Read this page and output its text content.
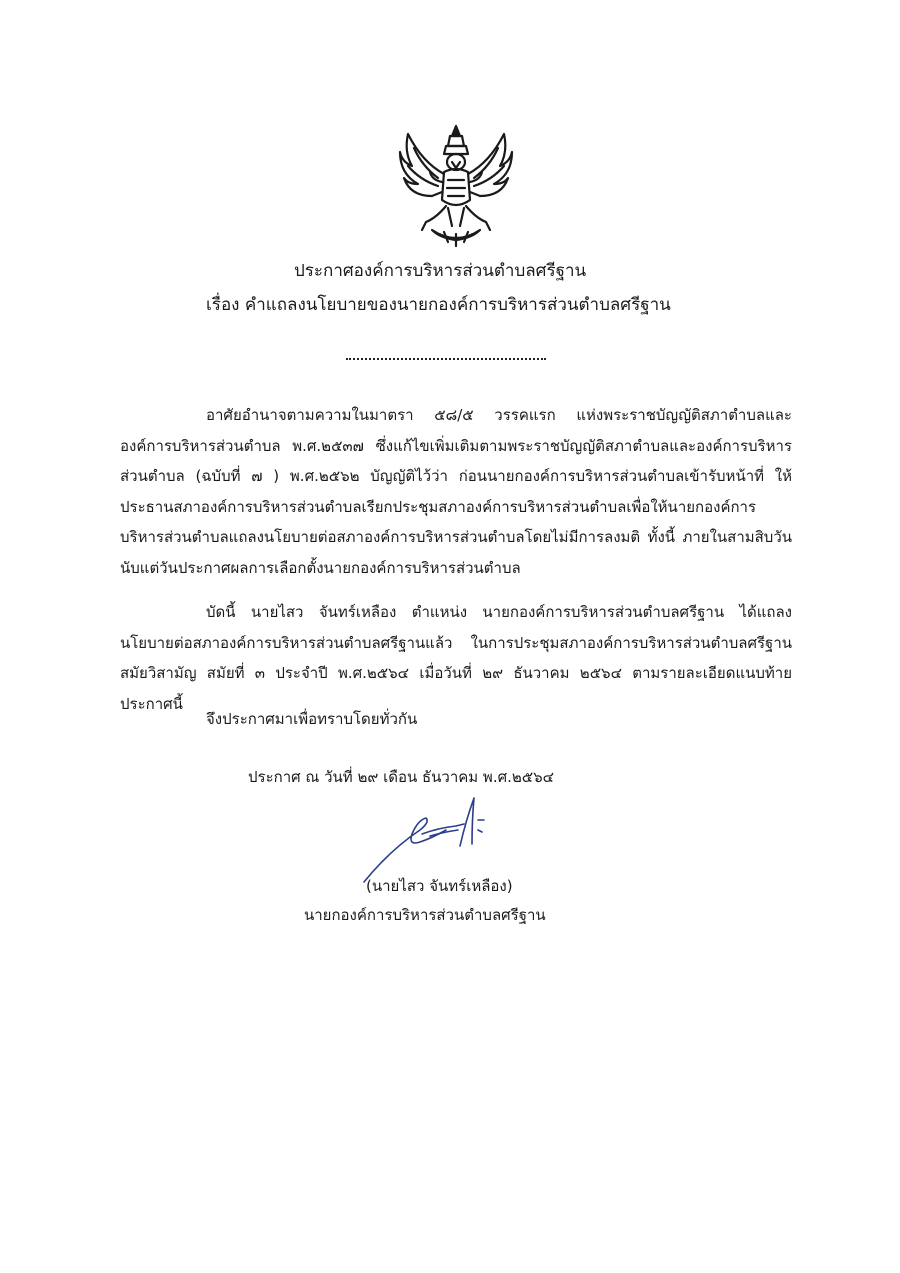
ประกาศองค์การบริหารส่วนตำบลศรีฐาน
เรื่อง คำแถลงนโยบายของนายกองค์การบริหารส่วนตำบลศรีฐาน
อาศัยอำนาจตามความในมาตรา ๕๘/๕ วรรคแรก แห่งพระราชบัญญัติสภาตำบลและองค์การบริหารส่วนตำบล พ.ศ.๒๕๓๗ ซึ่งแก้ไขเพิ่มเติมตามพระราชบัญญัติสภาตำบลและองค์การบริหารส่วนตำบล (ฉบับที่ ๗ ) พ.ศ.๒๕๖๒ บัญญัติไว้ว่า ก่อนนายกองค์การบริหารส่วนตำบลเข้ารับหน้าที่ ให้ประธานสภาองค์การบริหารส่วนตำบลเรียกประชุมสภาองค์การบริหารส่วนตำบลเพื่อให้นายกองค์การบริหารส่วนตำบลแถลงนโยบายต่อสภาองค์การบริหารส่วนตำบลโดยไม่มีการลงมติ ทั้งนี้ ภายในสามสิบวันนับแต่วันประกาศผลการเลือกตั้งนายกองค์การบริหารส่วนตำบล
บัดนี้ นายไสว จันทร์เหลือง ตำแหน่ง นายกองค์การบริหารส่วนตำบลศรีฐาน ได้แถลงนโยบายต่อสภาองค์การบริหารส่วนตำบลศรีฐานแล้ว ในการประชุมสภาองค์การบริหารส่วนตำบลศรีฐาน สมัยวิสามัญ สมัยที่ ๓ ประจำปี พ.ศ.๒๕๖๔ เมื่อวันที่ ๒๙ ธันวาคม ๒๕๖๔ ตามรายละเอียดแนบท้ายประกาศนี้
จึงประกาศมาเพื่อทราบโดยทั่วกัน
ประกาศ ณ วันที่ ๒๙ เดือน ธันวาคม พ.ศ.๒๕๖๔
(นายไสว จันทร์เหลือง)
นายกองค์การบริหารส่วนตำบลศรีฐาน
